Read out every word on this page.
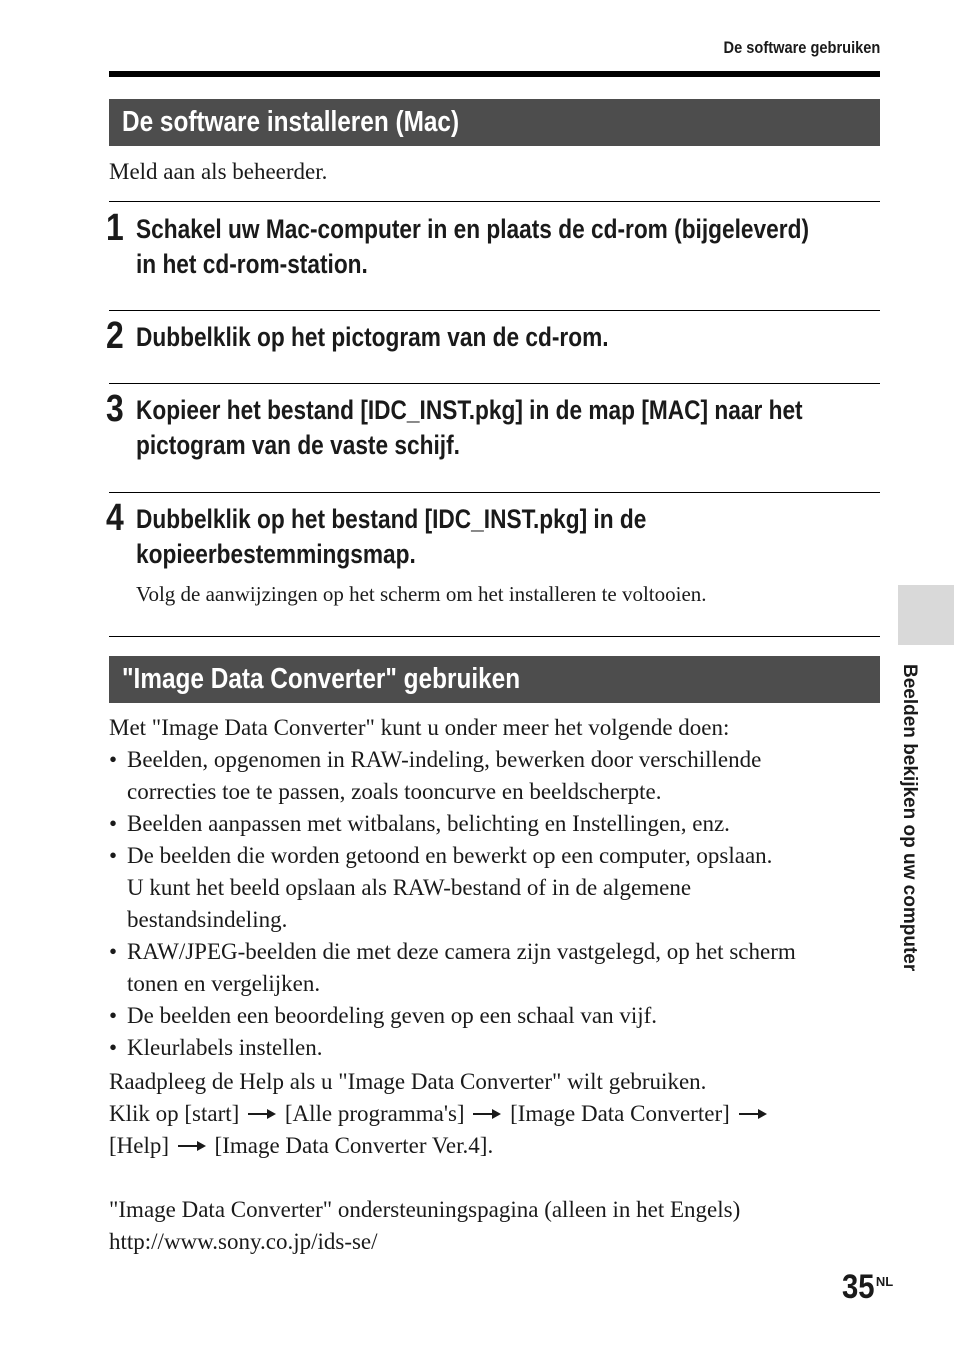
De software gebruiken
De software installeren (Mac)
Meld aan als beheerder.
1 Schakel uw Mac-computer in en plaats de cd-rom (bijgeleverd)
in het cd-rom-station.
2 Dubbelklik op het pictogram van de cd-rom.
3 Kopieer het bestand [IDC_INST.pkg] in de map [MAC] naar het
pictogram van de vaste schijf.
4 Dubbelklik op het bestand [IDC_INST.pkg] in de
kopieerbestemmingsmap.
Volg de aanwijzingen op het scherm om het installeren te voltooien.
"Image Data Converter" gebruiken
Met "Image Data Converter" kunt u onder meer het volgende doen:
• Beelden, opgenomen in RAW-indeling, bewerken door verschillende
correcties toe te passen, zoals tooncurve en beeldscherpte.
• Beelden aanpassen met witbalans, belichting en Instellingen, enz.
• De beelden die worden getoond en bewerkt op een computer, opslaan.
U kunt het beeld opslaan als RAW-bestand of in de algemene
bestandsindeling.
• RAW/JPEG-beelden die met deze camera zijn vastgelegd, op het scherm
tonen en vergelijken.
• De beelden een beoordeling geven op een schaal van vijf.
• Kleurlabels instellen.
Raadpleeg de Help als u "Image Data Converter" wilt gebruiken.
Klik op [start] [Alle programma's] [Image Data Converter]
[Help] [Image Data Converter Ver.4].
"Image Data Converter" ondersteuningspagina (alleen in het Engels)
http://www.sony.co.jp/ids-se/
Beelden bekijken op uw computer
$35^{NL}$
